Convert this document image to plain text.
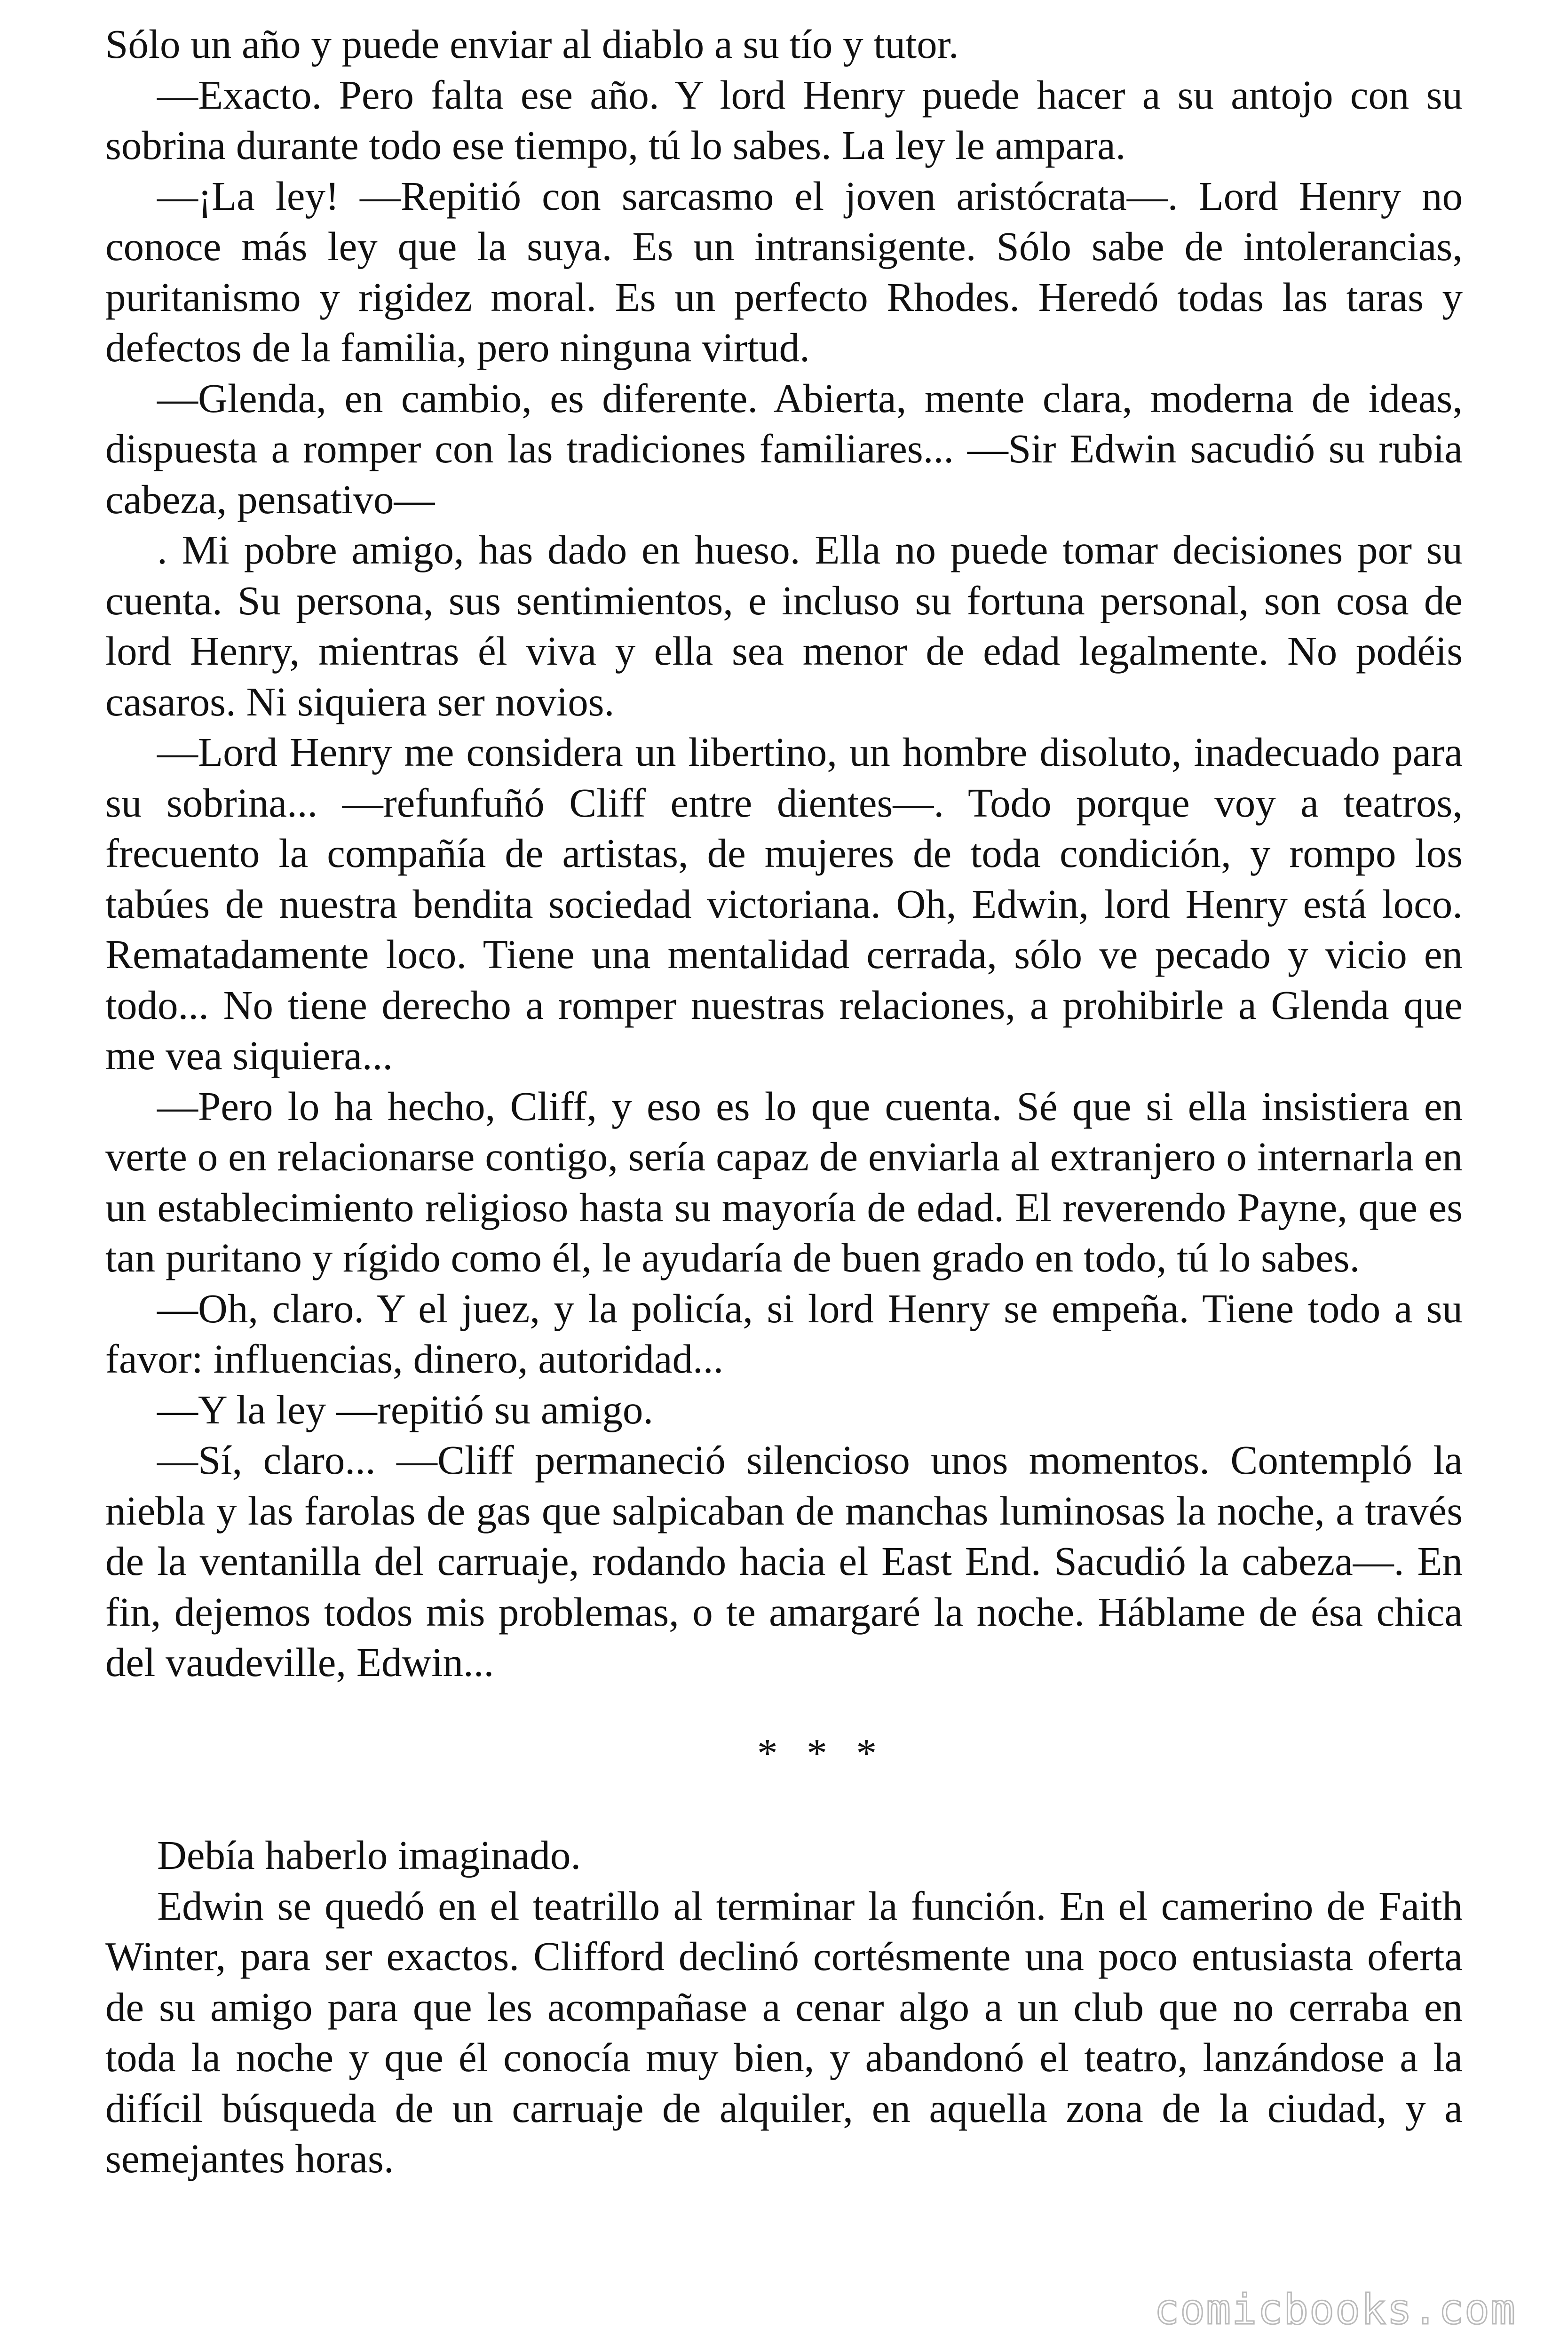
Sólo un año y puede enviar al diablo a su tío y tutor.

—Exacto. Pero falta ese año. Y lord Henry puede hacer a su antojo con su sobrina durante todo ese tiempo, tú lo sabes. La ley le ampara.

—¡La ley! —Repitió con sarcasmo el joven aristócrata—. Lord Henry no conoce más ley que la suya. Es un intransigente. Sólo sabe de intolerancias, puritanismo y rigidez moral. Es un perfecto Rhodes. Heredó todas las taras y defectos de la familia, pero ninguna virtud.

—Glenda, en cambio, es diferente. Abierta, mente clara, moderna de ideas, dispuesta a romper con las tradiciones familiares... —Sir Edwin sacudió su rubia cabeza, pensativo—

. Mi pobre amigo, has dado en hueso. Ella no puede tomar decisiones por su cuenta. Su persona, sus sentimientos, e incluso su fortuna personal, son cosa de lord Henry, mientras él viva y ella sea menor de edad legalmente. No podéis casaros. Ni siquiera ser novios.

—Lord Henry me considera un libertino, un hombre disoluto, inadecuado para su sobrina... —refunfuñó Cliff entre dientes—. Todo porque voy a teatros, frecuento la compañía de artistas, de mujeres de toda condición, y rompo los tabúes de nuestra bendita sociedad victoriana. Oh, Edwin, lord Henry está loco. Rematadamente loco. Tiene una mentalidad cerrada, sólo ve pecado y vicio en todo... No tiene derecho a romper nuestras relaciones, a prohibirle a Glenda que me vea siquiera...

—Pero lo ha hecho, Cliff, y eso es lo que cuenta. Sé que si ella insistiera en verte o en relacionarse contigo, sería capaz de enviarla al extranjero o internarla en un establecimiento religioso hasta su mayoría de edad. El reverendo Payne, que es tan puritano y rígido como él, le ayudaría de buen grado en todo, tú lo sabes.

—Oh, claro. Y el juez, y la policía, si lord Henry se empeña. Tiene todo a su favor: influencias, dinero, autoridad...

—Y la ley —repitió su amigo.

—Sí, claro... —Cliff permaneció silencioso unos momentos. Contempló la niebla y las farolas de gas que salpicaban de manchas luminosas la noche, a través de la ventanilla del carruaje, rodando hacia el East End. Sacudió la cabeza—. En fin, dejemos todos mis problemas, o te amargaré la noche. Háblame de ésa chica del vaudeville, Edwin...

* * *

Debía haberlo imaginado.

Edwin se quedó en el teatrillo al terminar la función. En el camerino de Faith Winter, para ser exactos. Clifford declinó cortésmente una poco entusiasta oferta de su amigo para que les acompañase a cenar algo a un club que no cerraba en toda la noche y que él conocía muy bien, y abandonó el teatro, lanzándose a la difícil búsqueda de un carruaje de alquiler, en aquella zona de la ciudad, y a semejantes horas.

comicbooks.com
